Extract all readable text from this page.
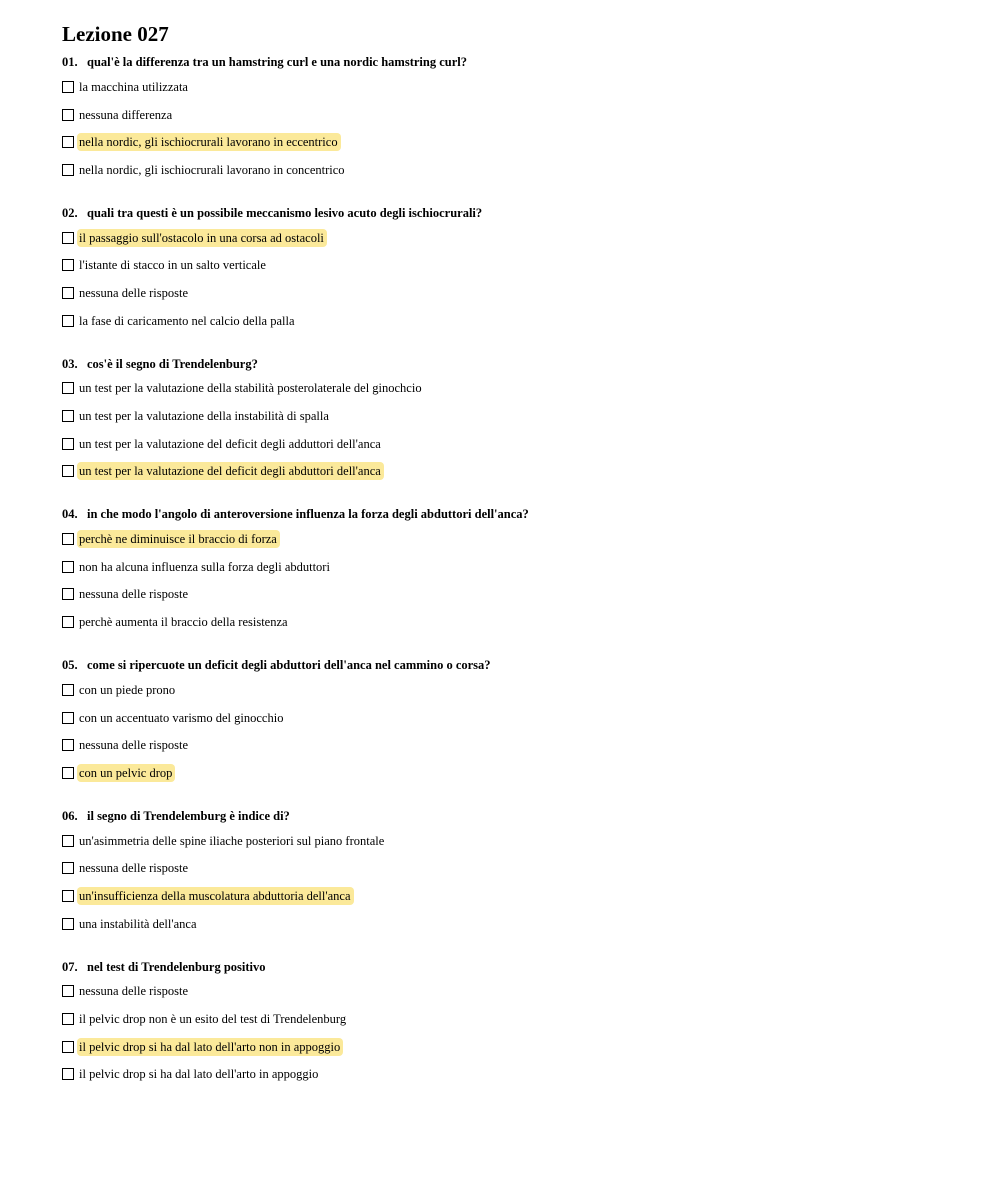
Lezione 027
01. qual'è la differenza tra un hamstring curl e una nordic hamstring curl?
la macchina utilizzata
nessuna differenza
nella nordic, gli ischiocrurali lavorano in eccentrico
nella nordic, gli ischiocrurali lavorano in concentrico
02. quali tra questi è un possibile meccanismo lesivo acuto degli ischiocrurali?
il passaggio sull'ostacolo in una corsa ad ostacoli
l'istante di stacco in un salto verticale
nessuna delle risposte
la fase di caricamento nel calcio della palla
03. cos'è il segno di Trendelenburg?
un test per la valutazione della stabilità posterolaterale del ginochcio
un test per la valutazione della instabilità di spalla
un test per la valutazione del deficit degli adduttori dell'anca
un test per la valutazione del deficit degli abduttori dell'anca
04. in che modo l'angolo di anteroversione influenza la forza degli abduttori dell'anca?
perchè ne diminuisce il braccio di forza
non ha alcuna influenza sulla forza degli abduttori
nessuna delle risposte
perchè aumenta il braccio della resistenza
05. come si ripercuote un deficit degli abduttori dell'anca nel cammino o corsa?
con un piede prono
con un accentuato varismo del ginocchio
nessuna delle risposte
con un pelvic drop
06. il segno di Trendelemburg è indice di?
un'asimmetria delle spine iliache posteriori sul piano frontale
nessuna delle risposte
un'insufficienza della muscolatura abduttoria dell'anca
una instabilità dell'anca
07. nel test di Trendelenburg positivo
nessuna delle risposte
il pelvic drop non è un esito del test di Trendelenburg
il pelvic drop si ha dal lato dell'arto non in appoggio
il pelvic drop si ha dal lato dell'arto in appoggio
